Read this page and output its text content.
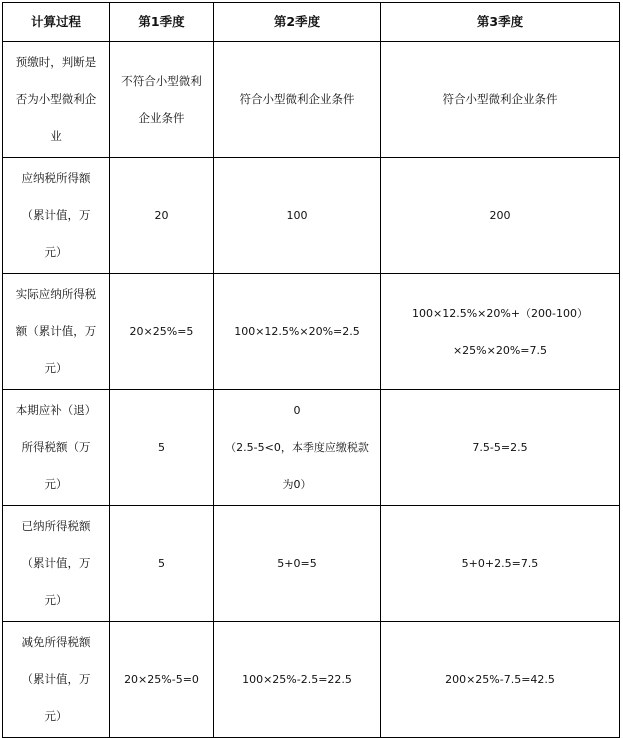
计算过程	第1季度	第2季度	第3季度

预缴时，判断是
否为小型微利企
业	不符合小型微利
企业条件	符合小型微利企业条件	符合小型微利企业条件

应纳税所得额
（累计值，万
元）	20	100	200

实际应纳所得税
额（累计值，万
元）	20×25%=5	100×12.5%×20%=2.5	100×12.5%×20%+（200-100）
×25%×20%=7.5

本期应补（退）
所得税额（万
元）	5	0
（2.5-5<0，本季度应缴税款
为0）	7.5-5=2.5

已纳所得税额
（累计值，万
元）	5	5+0=5	5+0+2.5=7.5

减免所得税额
（累计值，万
元）	20×25%-5=0	100×25%-2.5=22.5	200×25%-7.5=42.5
